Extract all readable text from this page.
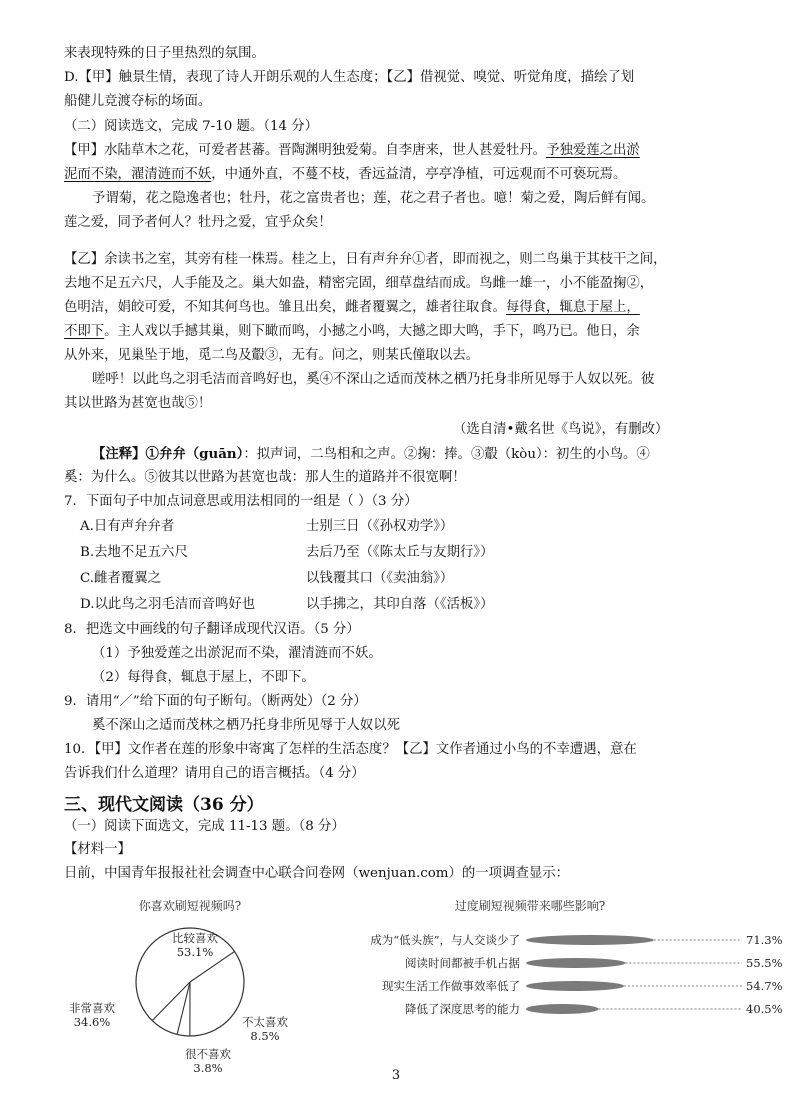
来表现特殊的日子里热烈的氛围。
D.【甲】触景生情，表现了诗人开朗乐观的人生态度；【乙】借视觉、嗅觉、听觉角度，描绘了划
船健儿竞渡夺标的场面。
（二）阅读选文，完成 7-10 题。（14 分）
【甲】水陆草木之花，可爱者甚蕃。晋陶渊明独爱菊。自李唐来，世人甚爱牡丹。予独爱莲之出淤
泥而不染，濯清涟而不妖，中通外直，不蔓不枝，香远益清，亭亭净植，可远观而不可亵玩焉。
予谓菊，花之隐逸者也；牡丹，花之富贵者也；莲，花之君子者也。噫！菊之爱，陶后鲜有闻。
莲之爱，同予者何人？牡丹之爱，宜乎众矣！
【乙】余读书之室，其旁有桂一株焉。桂之上，日有声弁弁①者，即而视之，则二鸟巢于其枝干之间，
去地不足五六尺，人手能及之。巢大如盎，精密完固，细草盘结而成。鸟雌一雄一，小不能盈掬②，
色明洁，娟皎可爱，不知其何鸟也。雏且出矣，雌者覆翼之，雄者往取食。每得食，辄息于屋上，
不即下。主人戏以手撼其巢，则下瞰而鸣，小撼之小鸣，大撼之即大鸣，手下，鸣乃已。他日，余
从外来，见巢坠于地，觅二鸟及鷇③，无有。问之，则某氏僮取以去。
嗟呼！以此鸟之羽毛洁而音鸣好也，奚④不深山之适而茂林之栖乃托身非所见辱于人奴以死。彼
其以世路为甚宽也哉⑤！
（选自清•戴名世《鸟说》，有删改）
【注释】①弁弁（guān）：拟声词，二鸟相和之声。②掬：捧。③鷇（kòu）：初生的小鸟。④
奚：为什么。⑤彼其以世路为甚宽也哉：那人生的道路并不很宽啊！
7．下面句子中加点词意思或用法相同的一组是（ ）（3 分）
A.日有声弁弁者	士别三日（《孙权劝学》）
B.去地不足五六尺	去后乃至（《陈太丘与友期行》）
C.雌者覆翼之	以钱覆其口（《卖油翁》）
D.以此鸟之羽毛洁而音鸣好也	以手拂之，其印自落（《活板》）
8．把选文中画线的句子翻译成现代汉语。（5 分）
（1）予独爱莲之出淤泥而不染，濯清涟而不妖。
（2）每得食，辄息于屋上，不即下。
9．请用“／”给下面的句子断句。（断两处）（2 分）
奚不深山之适而茂林之栖乃托身非所见辱于人奴以死
10．【甲】文作者在莲的形象中寄寓了怎样的生活态度？【乙】文作者通过小鸟的不幸遭遇，意在
告诉我们什么道理？请用自己的语言概括。（4 分）
三、现代文阅读（36 分）
（一）阅读下面选文，完成 11-13 题。（8 分）
【材料一】
日前，中国青年报报社社会调查中心联合问卷网（wenjuan.com）的一项调查显示：
你喜欢刷短视频吗?
比较喜欢
53.1%
非常喜欢
34.6%
很不喜欢
3.8%
不太喜欢
8.5%
过度刷短视频带来哪些影响?
成为“低头族”，与人交谈少了	71.3%
阅读时间都被手机占据	55.5%
现实生活工作做事效率低了	54.7%
降低了深度思考的能力	40.5%
3
